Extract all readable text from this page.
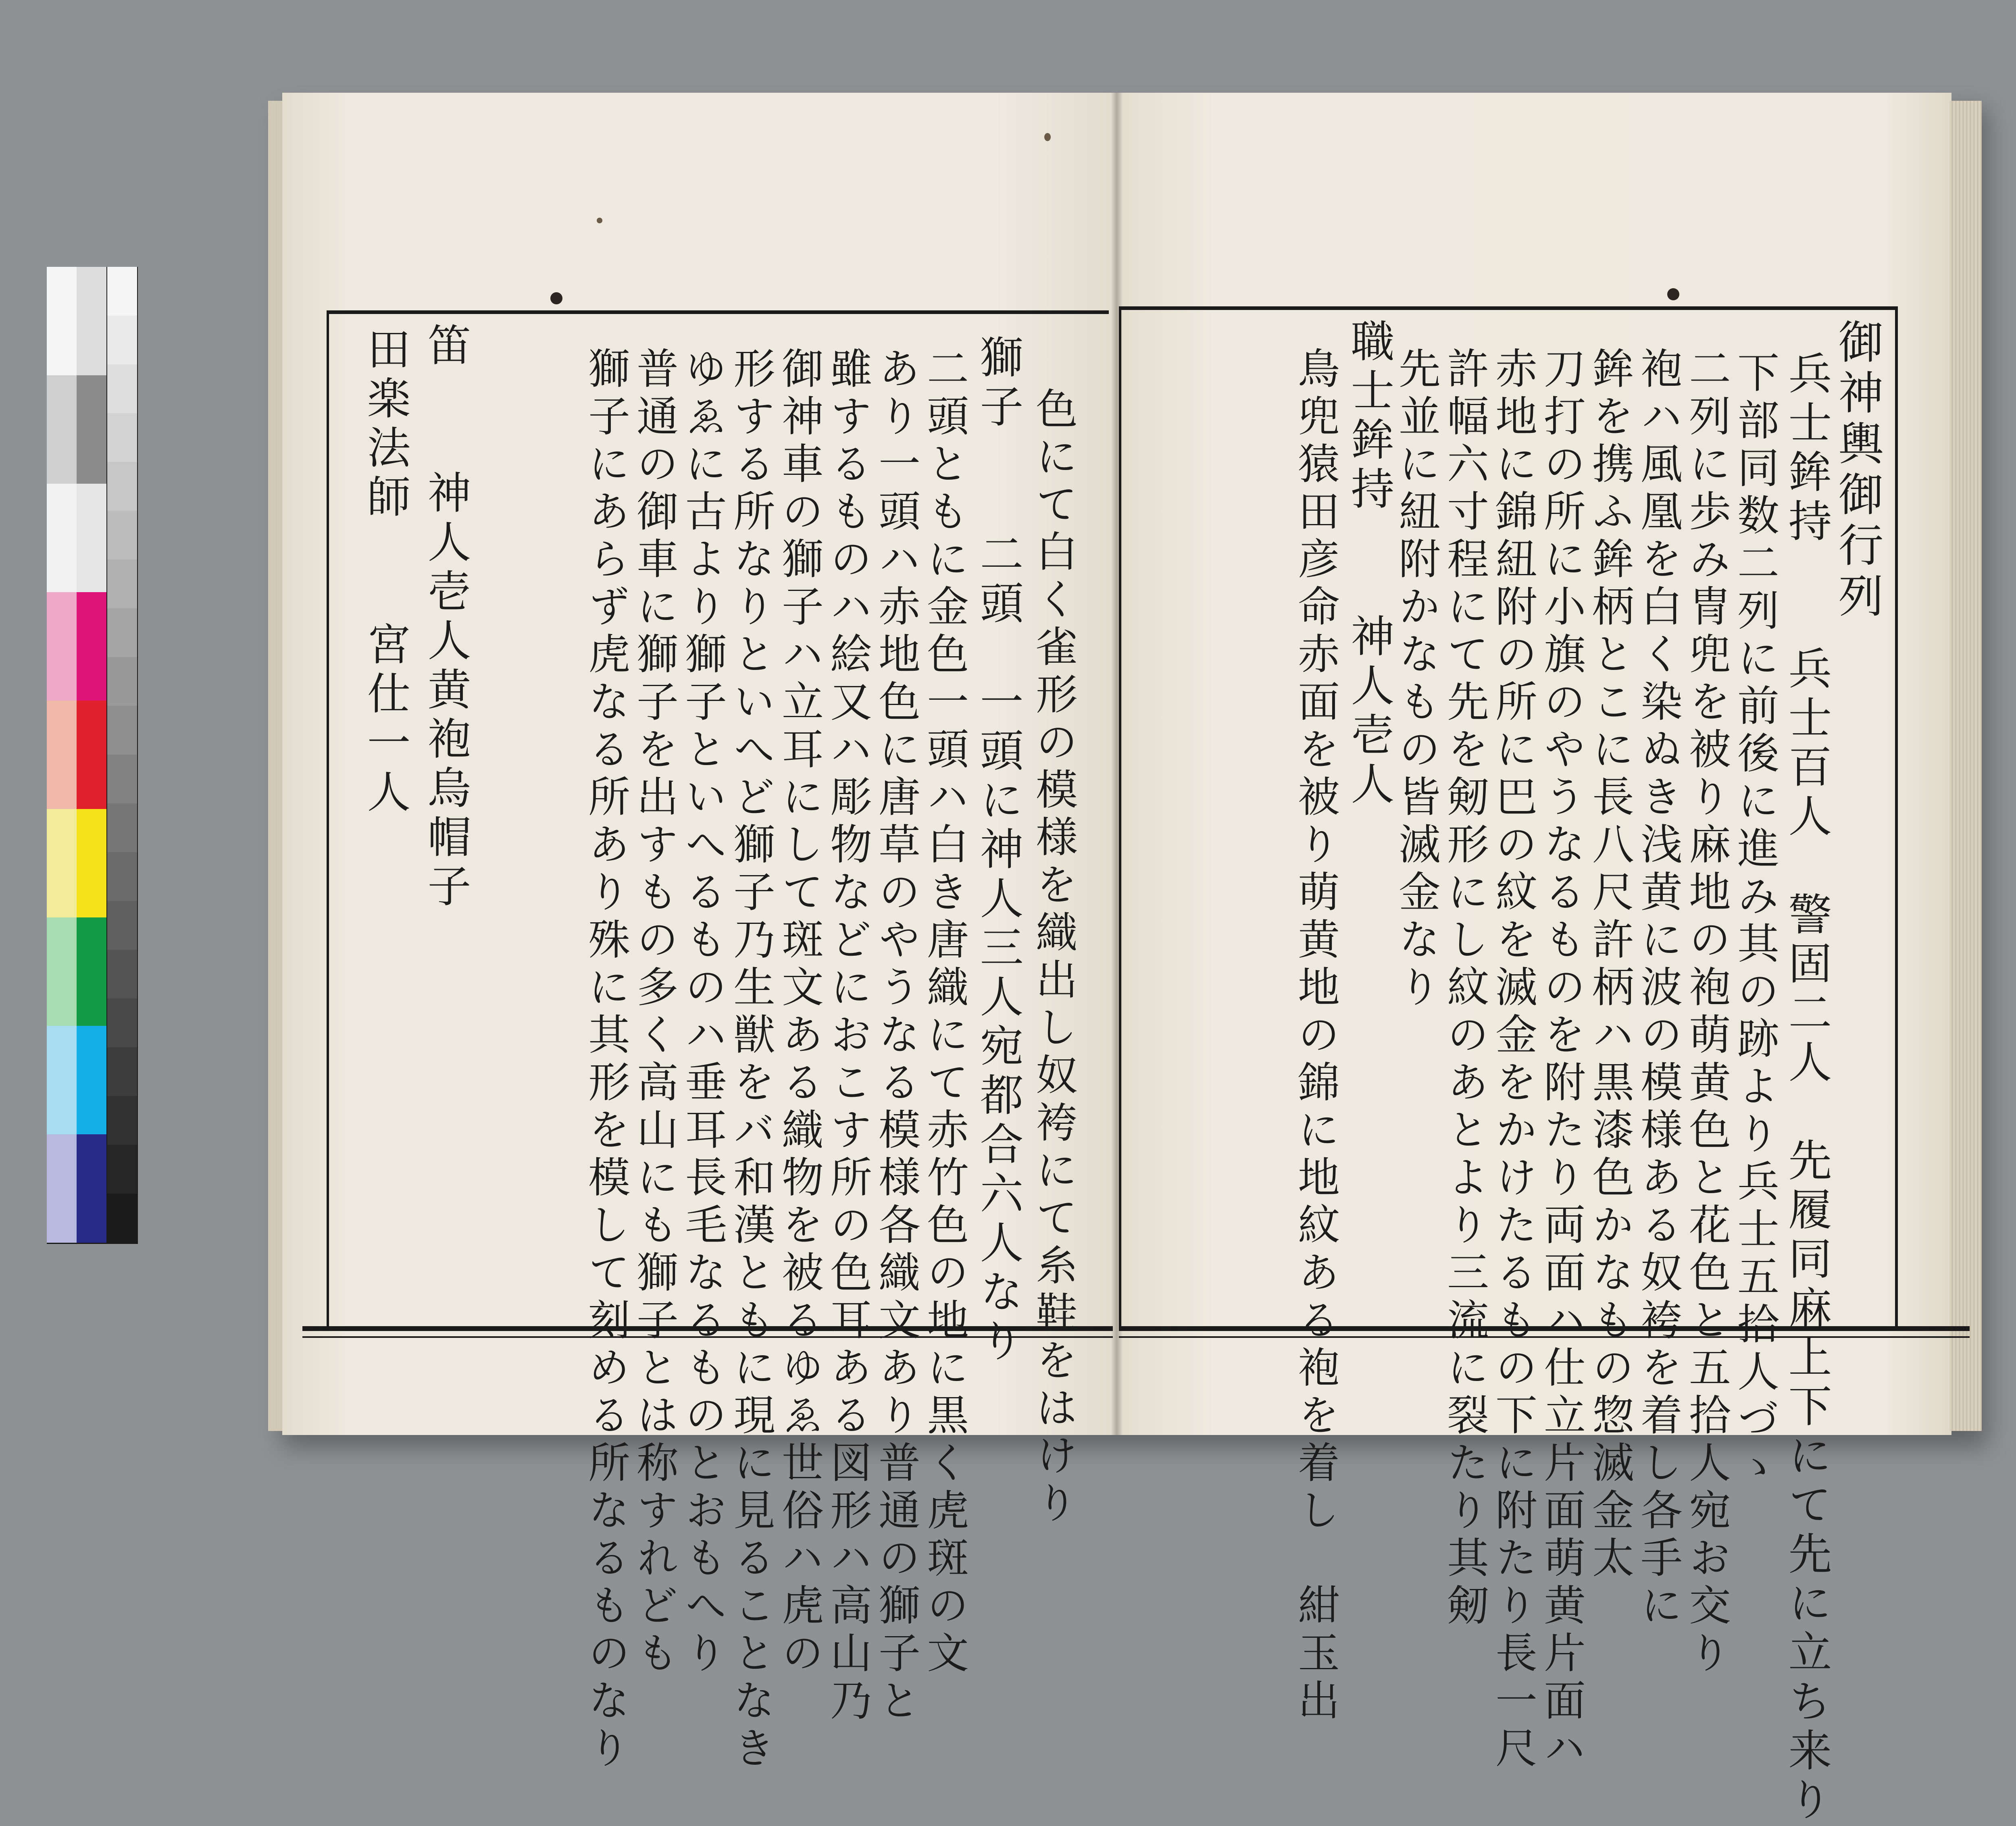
御神輿御行列
兵士鉾持　　兵士百人　警固二人　先履同麻上下にて先に立ち来り
下部同数二列に前後に進み其の跡より兵士五拾人づゝ
二列に歩み冑兜を被り麻地の袍萌黄色と花色と五拾人宛お交り
袍ハ風凰を白く染ぬき浅黄に波の模様ある奴袴を着し各手に
鉾を携ふ鉾柄とこに長八尺許柄ハ黒漆色かなもの惣滅金太
刀打の所に小旗のやうなるものを附たり両面ハ仕立片面萌黄片面ハ
赤地に錦紐附の所に巴の紋を滅金をかけたるもの下に附たり長一尺
許幅六寸程にて先を剱形にし紋のあとより三流に裂たり其剱
先並に紐附かなもの皆滅金なり
職士鉾持　　神人壱人
鳥兜猿田彦命赤面を被り萌黄地の錦に地紋ある袍を着し　紺玉出
色にて白く雀形の模様を織出し奴袴にて糸鞋をはけり
獅子　　二頭　一頭に神人三人宛都合六人なり
二頭ともに金色一頭ハ白き唐織にて赤竹色の地に黒く虎斑の文
あり一頭ハ赤地色に唐草のやうなる模様各織文あり普通の獅子と
雖するものハ絵又ハ彫物などにおこす所の色耳ある図形ハ高山乃
御神車の獅子ハ立耳にして斑文ある織物を被るゆゑ世俗ハ虎の
形する所なりといへど獅子乃生獣をバ和漢ともに現に見ることなき
ゆゑに古より獅子といへるものハ垂耳長毛なるものとおもへり
普通の御車に獅子を出すもの多く高山にも獅子とは称すれども
獅子にあらず虎なる所あり殊に其形を模して刻める所なるものなり
笛　　神人壱人黄袍烏帽子
田楽法師　　宮仕一人
